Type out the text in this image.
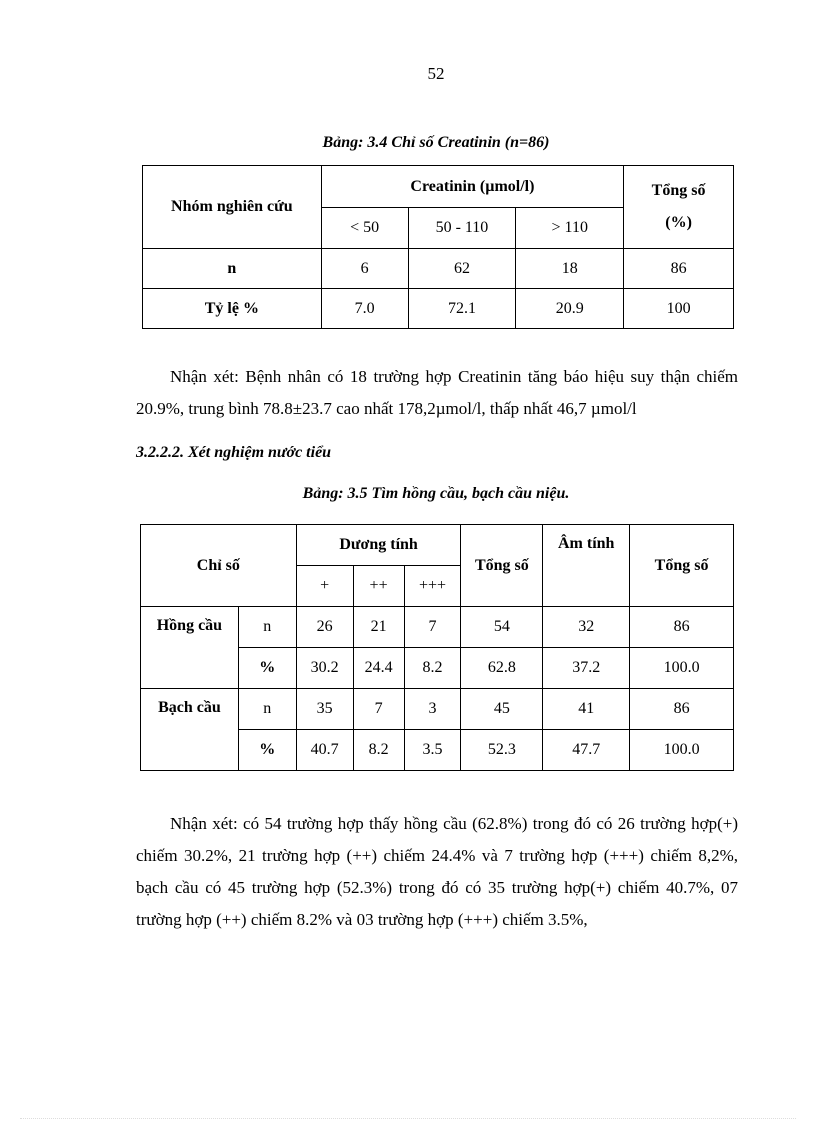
52
Bảng: 3.4 Chỉ số Creatinin (n=86)
Nhóm nghiên cứu	Creatinin (µmol/l)			Tổng số
(%)

	< 50	50 - 110	> 110	
n	6	62	18	86
Tỷ lệ %	7.0	72.1	20.9	100

Nhận xét: Bệnh nhân có 18 trường hợp Creatinin tăng báo hiệu suy thận chiếm 20.9%, trung bình 78.8±23.7 cao nhất 178,2µmol/l, thấp nhất 46,7 µmol/l

3.2.2.2. Xét nghiệm nước tiểu
Bảng: 3.5 Tìm hồng cầu, bạch cầu niệu.
Chỉ số		Dương tính			Tổng số	Âm tính	Tổng số
		+	++	+++			
Hồng cầu	n	26	21	7	54	32	86
	%	30.2	24.4	8.2	62.8	37.2	100.0
Bạch cầu	n	35	7	3	45	41	86
	%	40.7	8.2	3.5	52.3	47.7	100.0

Nhận xét: có 54 trường hợp thấy hồng cầu (62.8%) trong đó có 26 trường hợp(+) chiếm 30.2%, 21 trường hợp (++) chiếm 24.4% và 7 trường hợp (+++) chiếm 8,2%, bạch cầu có 45 trường hợp (52.3%) trong đó có 35 trường hợp(+) chiếm 40.7%, 07 trường hợp (++) chiếm 8.2% và 03 trường hợp (+++) chiếm 3.5%,
